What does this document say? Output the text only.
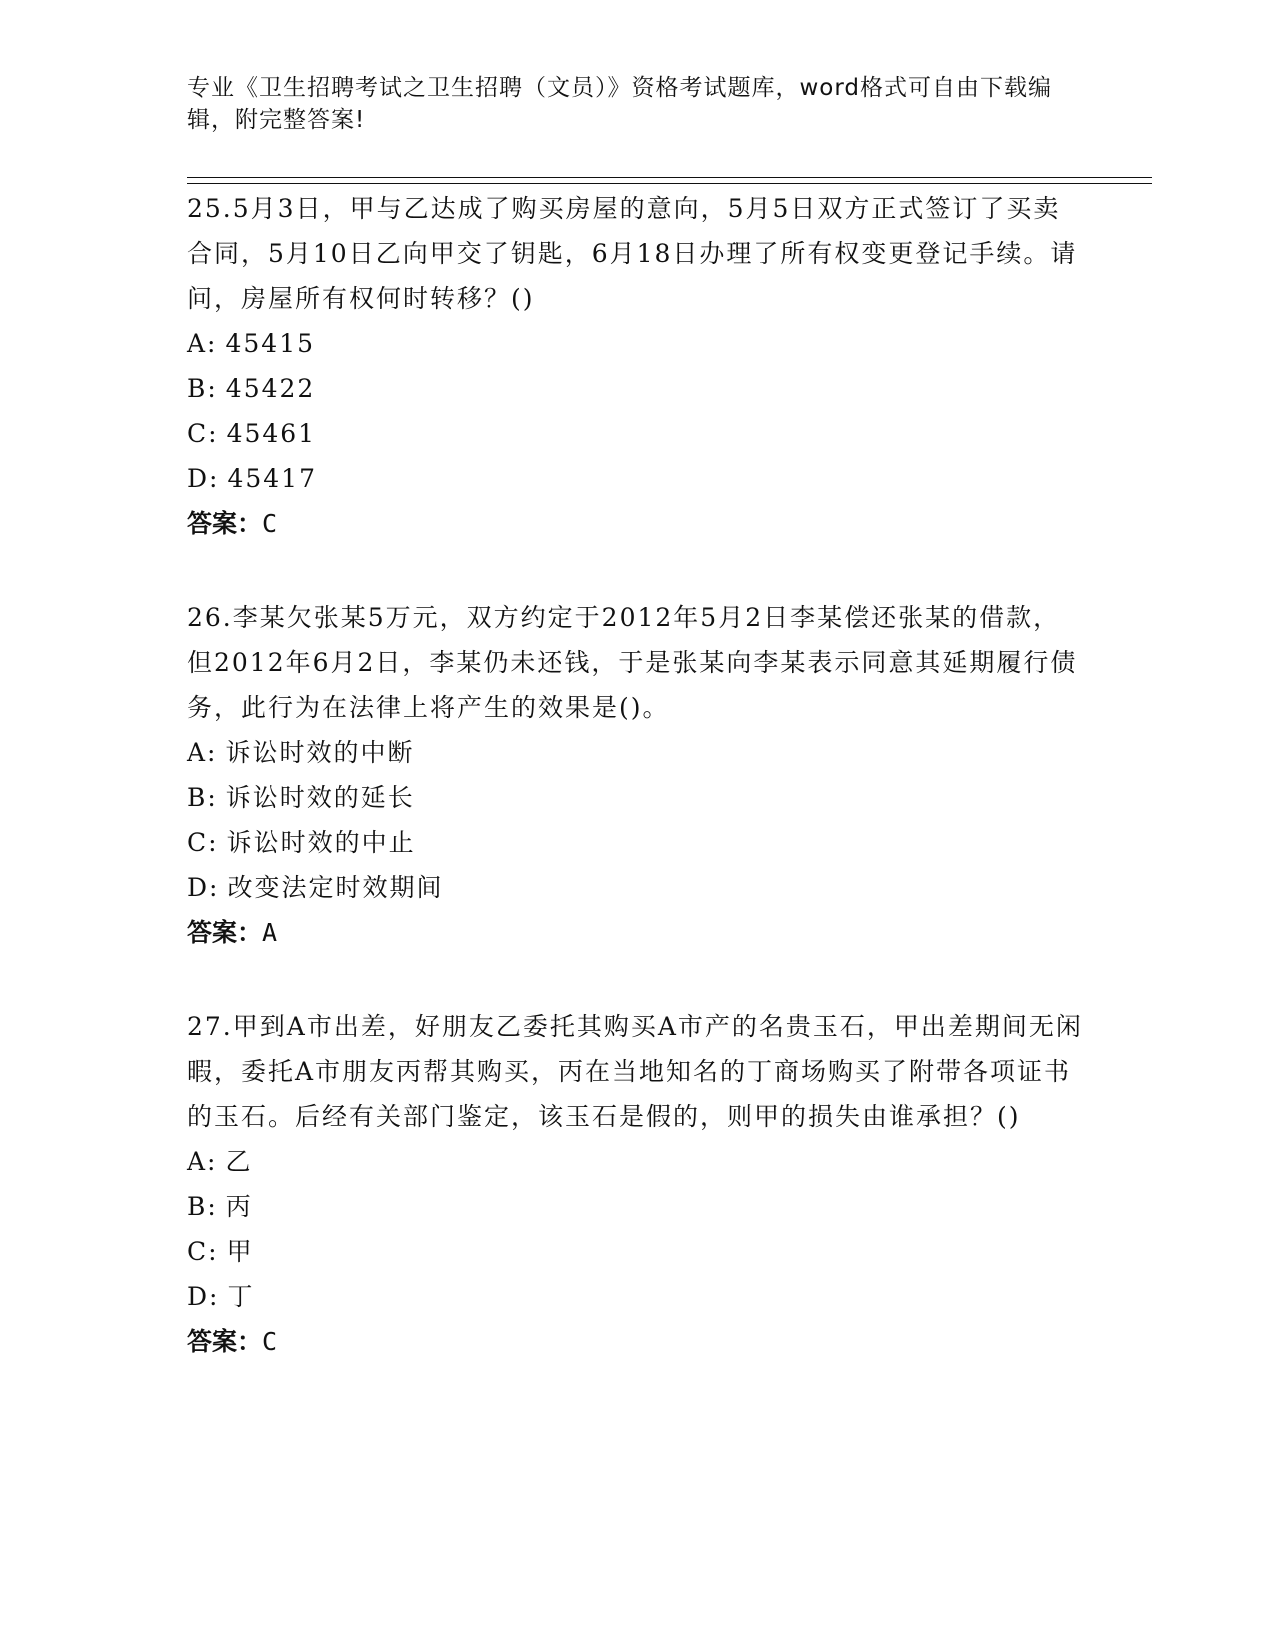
专业《卫生招聘考试之卫生招聘（文员）》资格考试题库，word格式可自由下载编辑，附完整答案!

25.5月3日，甲与乙达成了购买房屋的意向，5月5日双方正式签订了买卖合同，5月10日乙向甲交了钥匙，6月18日办理了所有权变更登记手续。请问，房屋所有权何时转移？()

A: 45415

B: 45422

C: 45461

D: 45417

答案：C

26.李某欠张某5万元，双方约定于2012年5月2日李某偿还张某的借款，但2012年6月2日，李某仍未还钱，于是张某向李某表示同意其延期履行债务，此行为在法律上将产生的效果是()。

A: 诉讼时效的中断

B: 诉讼时效的延长

C: 诉讼时效的中止

D: 改变法定时效期间

答案：A

27.甲到A市出差，好朋友乙委托其购买A市产的名贵玉石，甲出差期间无闲暇，委托A市朋友丙帮其购买，丙在当地知名的丁商场购买了附带各项证书的玉石。后经有关部门鉴定，该玉石是假的，则甲的损失由谁承担？()

A: 乙

B: 丙

C: 甲

D: 丁

答案：C
